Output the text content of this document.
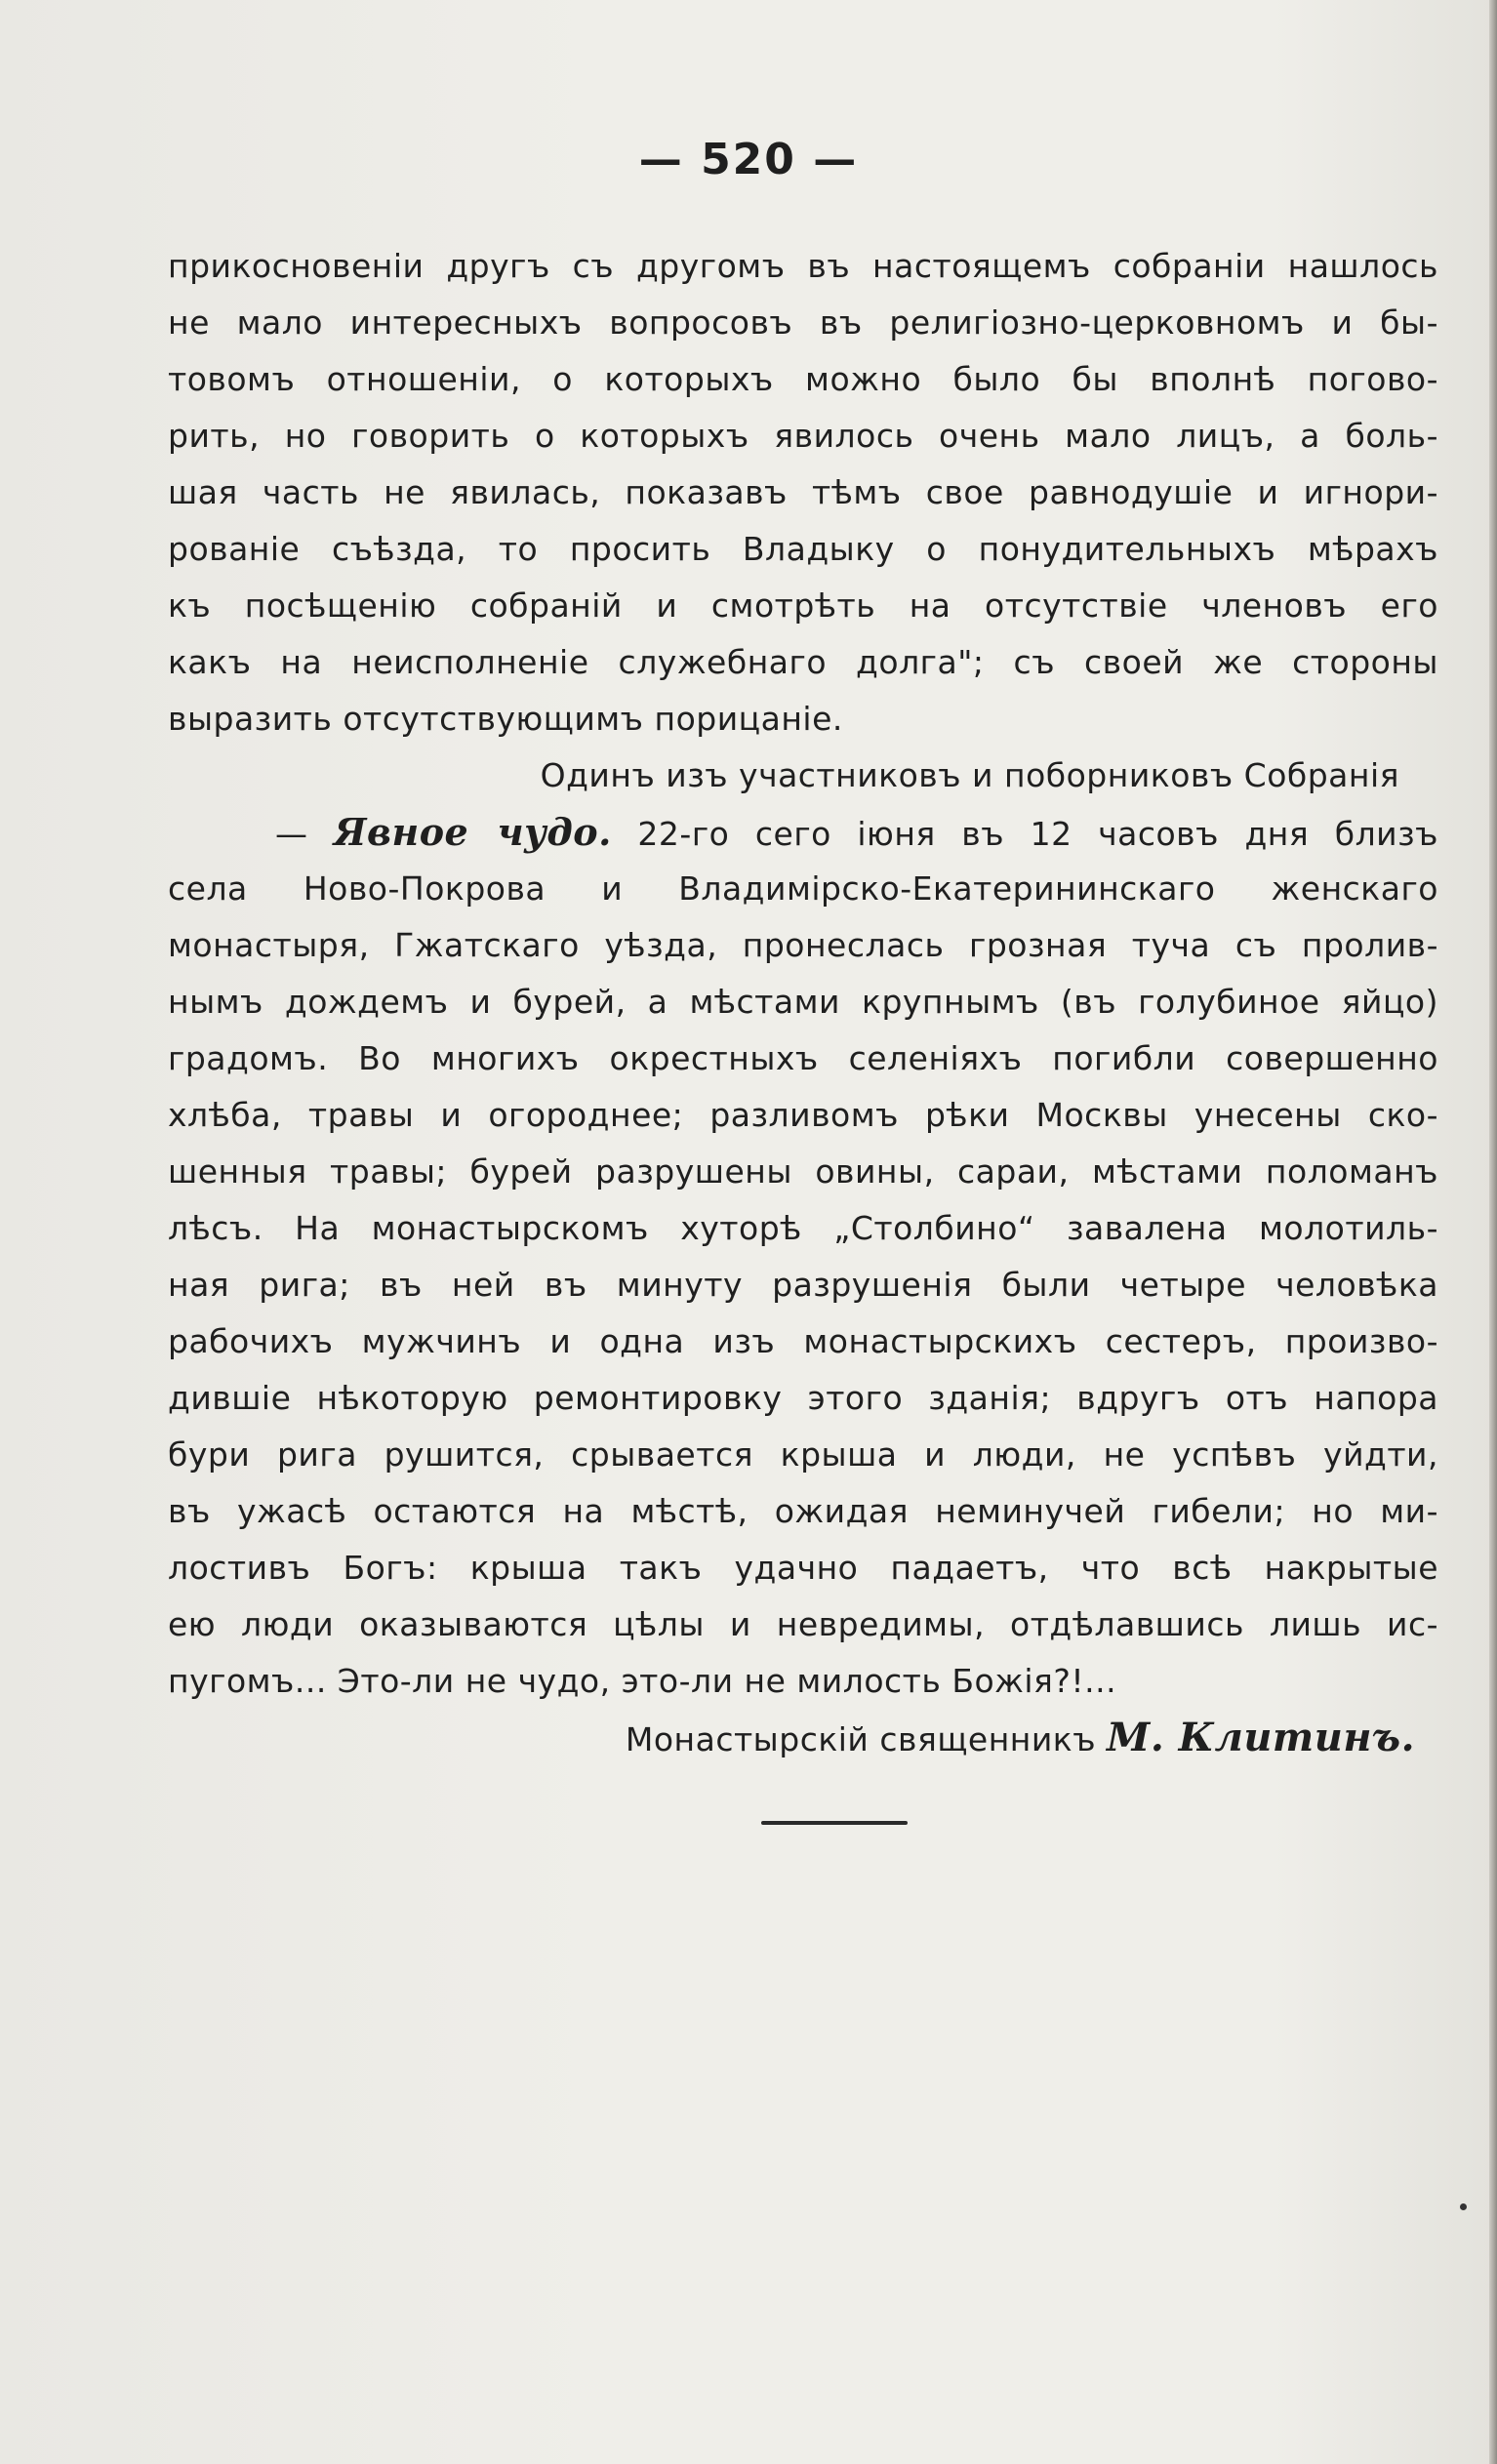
— 520 —
прикосновенiи другъ съ другомъ въ настоящемъ собранiи нашлось
не мало интересныхъ вопросовъ въ религiозно-церковномъ и бы-
товомъ отношенiи, о которыхъ можно было бы вполнѣ погово-
рить, но говорить о которыхъ явилось очень мало лицъ, а боль-
шая часть не явилась, показавъ тѣмъ свое равнодушiе и игнори-
рованiе съѣзда, то просить Владыку о понудительныхъ мѣрахъ
къ посѣщенiю собранiй и смотрѣть на отсутствiе членовъ его
какъ на неисполненiе служебнаго долга"; съ своей же стороны
выразить отсутствующимъ порицанiе.
Одинъ изъ участниковъ и поборниковъ Собранiя
— Явное чудо. 22-го сего iюня въ 12 часовъ дня близъ
села Ново-Покрова и Владимiрско-Екатерининскаго женскаго
монастыря, Гжатскаго уѣзда, пронеслась грозная туча съ пролив-
нымъ дождемъ и бурей, а мѣстами крупнымъ (въ голубиное яйцо)
градомъ. Во многихъ окрестныхъ селенiяхъ погибли совершенно
хлѣба, травы и огороднее; разливомъ рѣки Москвы унесены ско-
шенныя травы; бурей разрушены овины, сараи, мѣстами поломанъ
лѣсъ. На монастырскомъ хуторѣ „Столбино“ завалена молотиль-
ная рига; въ ней въ минуту разрушенiя были четыре человѣка
рабочихъ мужчинъ и одна изъ монастырскихъ сестеръ, произво-
дившiе нѣкоторую ремонтировку этого зданiя; вдругъ отъ напора
бури рига рушится, срывается крыша и люди, не успѣвъ уйдти,
въ ужасѣ остаются на мѣстѣ, ожидая неминучей гибели; но ми-
лостивъ Богъ: крыша такъ удачно падаетъ, что всѣ накрытые
ею люди оказываются цѣлы и невредимы, отдѣлавшись лишь ис-
пугомъ... Это-ли не чудо, это-ли не милость Божiя?!...
Монастырскiй священникъ М. Клитинъ.
